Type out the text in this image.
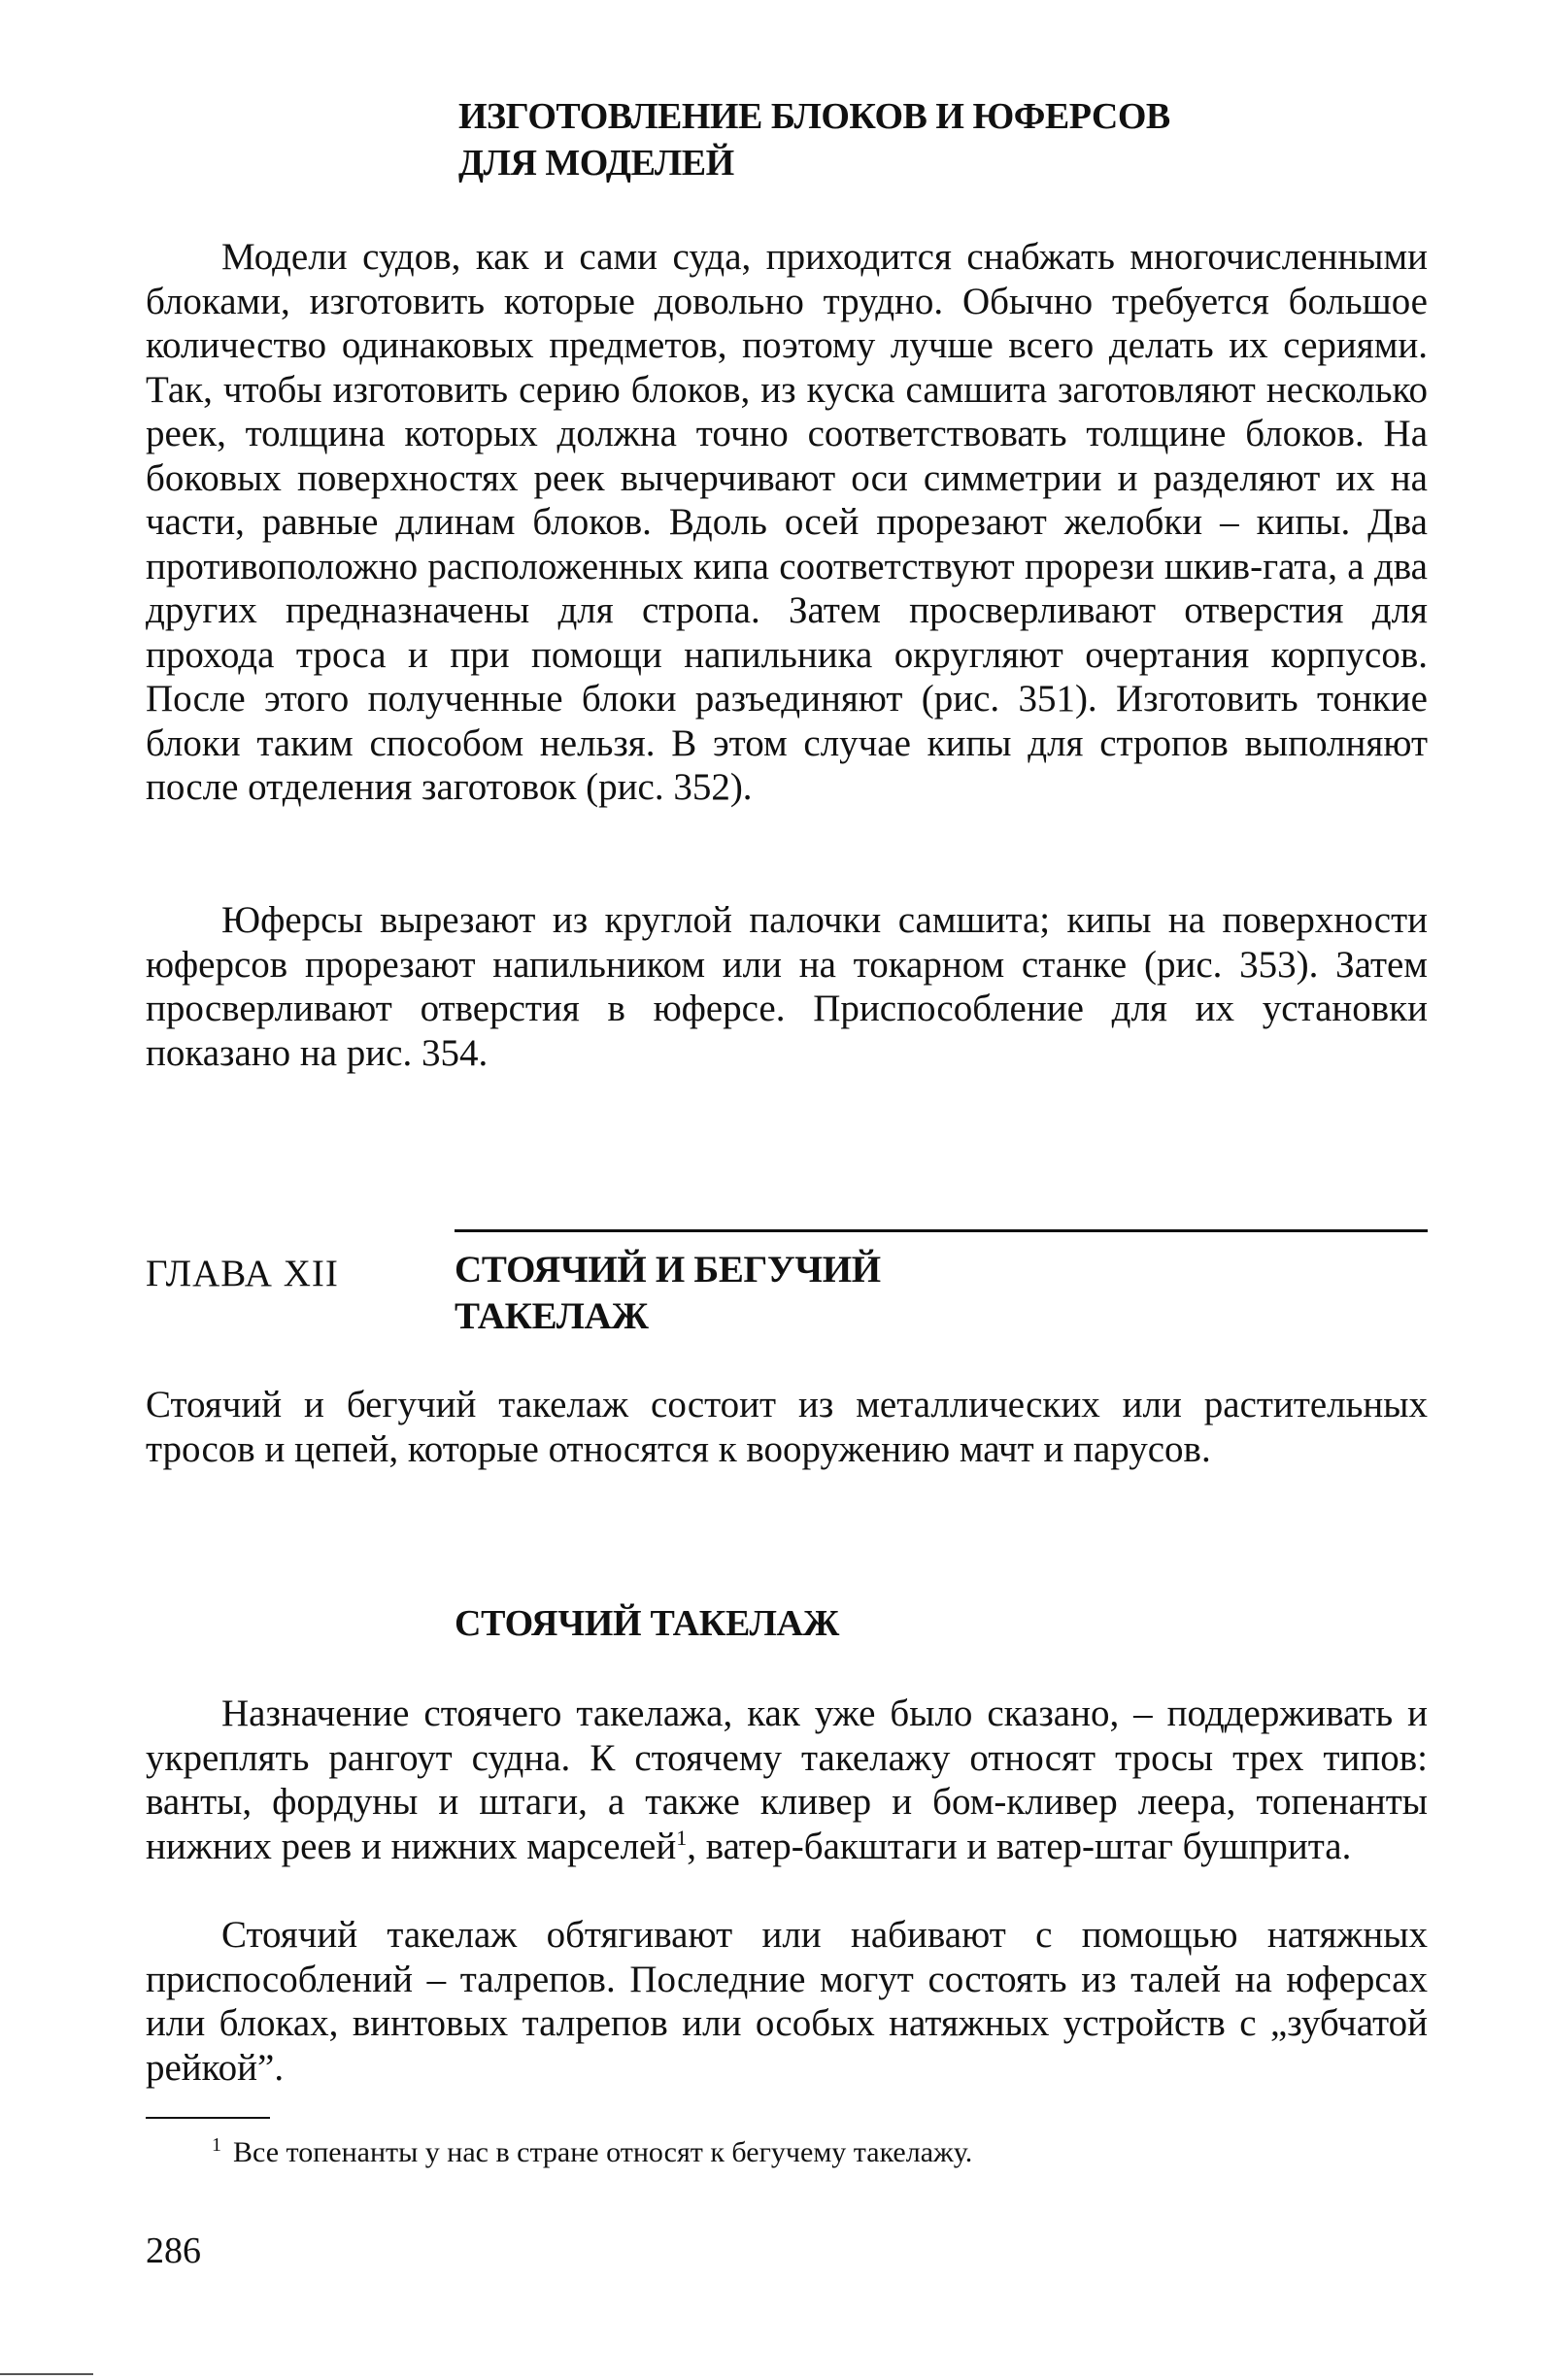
ИЗГОТОВЛЕНИЕ БЛОКОВ И ЮФЕРСОВ
ДЛЯ МОДЕЛЕЙ

Модели судов, как и сами суда, приходится снабжать многочисленными блоками, изготовить которые довольно трудно. Обычно требуется большое количество одинаковых предметов, поэтому лучше всего делать их сериями. Так, чтобы изготовить серию блоков, из куска самшита заготовляют несколько реек, толщина которых должна точно соответствовать толщине блоков. На боковых поверхностях реек вычерчивают оси симметрии и разделяют их на части, равные длинам блоков. Вдоль осей прорезают желобки – кипы. Два противоположно расположенных кипа соответствуют прорези шкив-гата, а два других предназначены для стропа. Затем просверливают отверстия для прохода троса и при помощи напильника округляют очертания корпусов. После этого полученные блоки разъединяют (рис. 351). Изготовить тонкие блоки таким способом нельзя. В этом случае кипы для стропов выполняют после отделения заготовок (рис. 352).

Юферсы вырезают из круглой палочки самшита; кипы на поверхности юферсов прорезают напильником или на токарном станке (рис. 353). Затем просверливают отверстия в юферсе. Приспособление для их установки показано на рис. 354.

ГЛАВА XII	СТОЯЧИЙ И БЕГУЧИЙ
ТАКЕЛАЖ

Стоячий и бегучий такелаж состоит из металлических или растительных тросов и цепей, которые относятся к вооружению мачт и парусов.

СТОЯЧИЙ ТАКЕЛАЖ

Назначение стоячего такелажа, как уже было сказано, – поддерживать и укреплять рангоут судна. К стоячему такелажу относят тросы трех типов: ванты, фордуны и штаги, а также кливер и бом-кливер леера, топенанты нижних реев и нижних марселей$^1$, ватер-бакштаги и ватер-штаг бушприта.

Стоячий такелаж обтягивают или набивают с помощью натяжных приспособлений – талрепов. Последние могут состоять из талей на юферсах или блоках, винтовых талрепов или особых натяжных устройств с „зубчатой рейкой”.

$^1$ Все топенанты у нас в стране относят к бегучему такелажу.
286
